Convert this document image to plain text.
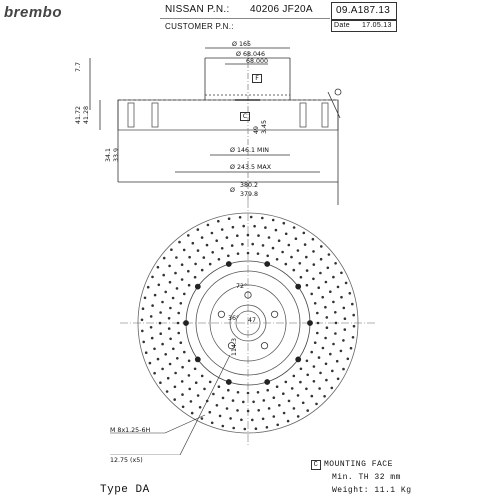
brembo	NISSAN P.N.: 40206 JF20A
CUSTOMER P.N.:
09.A187.13
Date 17.05.13
Ø 165
Ø 68.046
68.000
F
C
7.7
41.72 41.28
34.1 33.9
3.45
49
Ø 146.1 MIN
Ø 243.5 MAX
Ø
380.2
379.8
72°
36° 47
114.3
M 8x1.25-6H
12.75 (x5)
Type DA
C MOUNTING FACE
Min. TH 32 mm
Weight: 11.1 Kg
